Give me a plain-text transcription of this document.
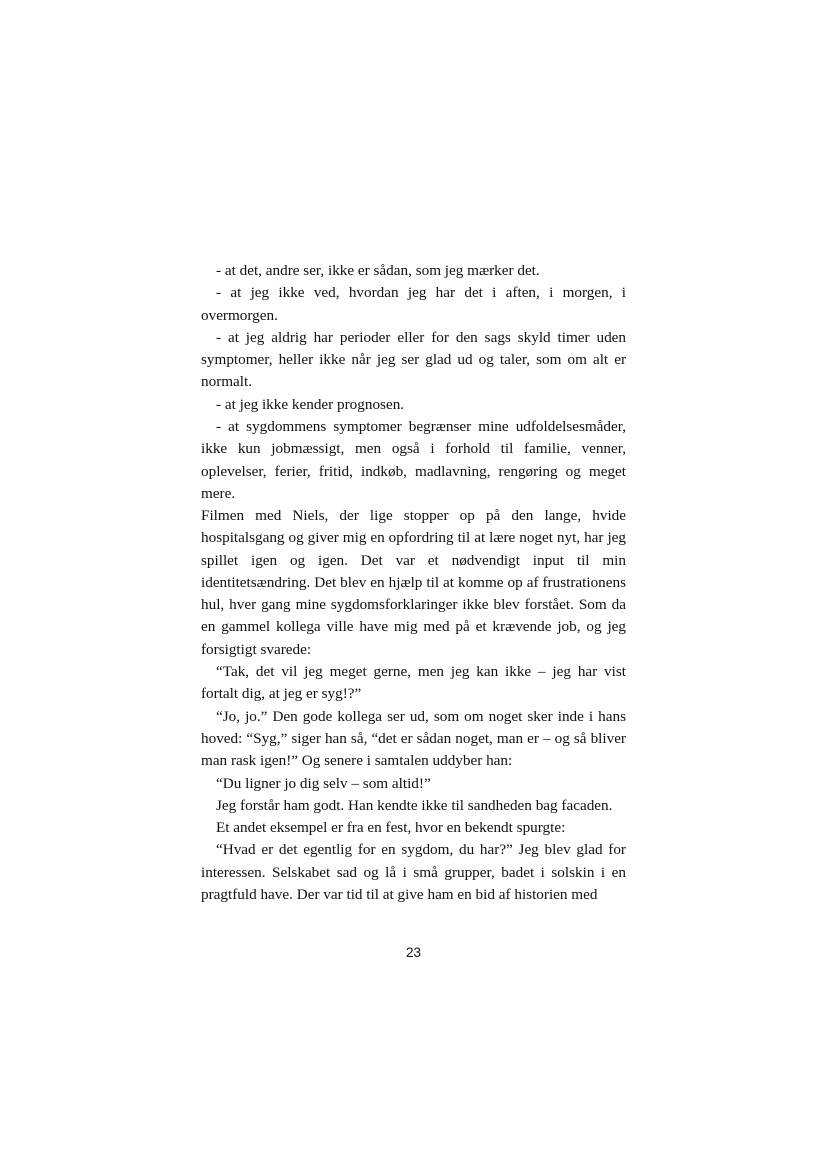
- at det, andre ser, ikke er sådan, som jeg mærker det.

- at jeg ikke ved, hvordan jeg har det i aften, i morgen, i overmorgen.

- at jeg aldrig har perioder eller for den sags skyld timer uden symptomer, heller ikke når jeg ser glad ud og taler, som om alt er normalt.

- at jeg ikke kender prognosen.

- at sygdommens symptomer begrænser mine udfoldelsesmåder, ikke kun jobmæssigt, men også i forhold til familie, venner, oplevelser, ferier, fritid, indkøb, madlavning, rengøring og meget mere.

Filmen med Niels, der lige stopper op på den lange, hvide hospitalsgang og giver mig en opfordring til at lære noget nyt, har jeg spillet igen og igen. Det var et nødvendigt input til min identitetsændring. Det blev en hjælp til at komme op af frustrationens hul, hver gang mine sygdomsforklaringer ikke blev forstået. Som da en gammel kollega ville have mig med på et krævende job, og jeg forsigtigt svarede:

“Tak, det vil jeg meget gerne, men jeg kan ikke – jeg har vist fortalt dig, at jeg er syg!?”

“Jo, jo.” Den gode kollega ser ud, som om noget sker inde i hans hoved: “Syg,” siger han så, “det er sådan noget, man er – og så bliver man rask igen!” Og senere i samtalen uddyber han:

“Du ligner jo dig selv – som altid!”

Jeg forstår ham godt. Han kendte ikke til sandheden bag facaden.

Et andet eksempel er fra en fest, hvor en bekendt spurgte:

“Hvad er det egentlig for en sygdom, du har?” Jeg blev glad for interessen. Selskabet sad og lå i små grupper, badet i solskin i en pragtfuld have. Der var tid til at give ham en bid af historien med

23
